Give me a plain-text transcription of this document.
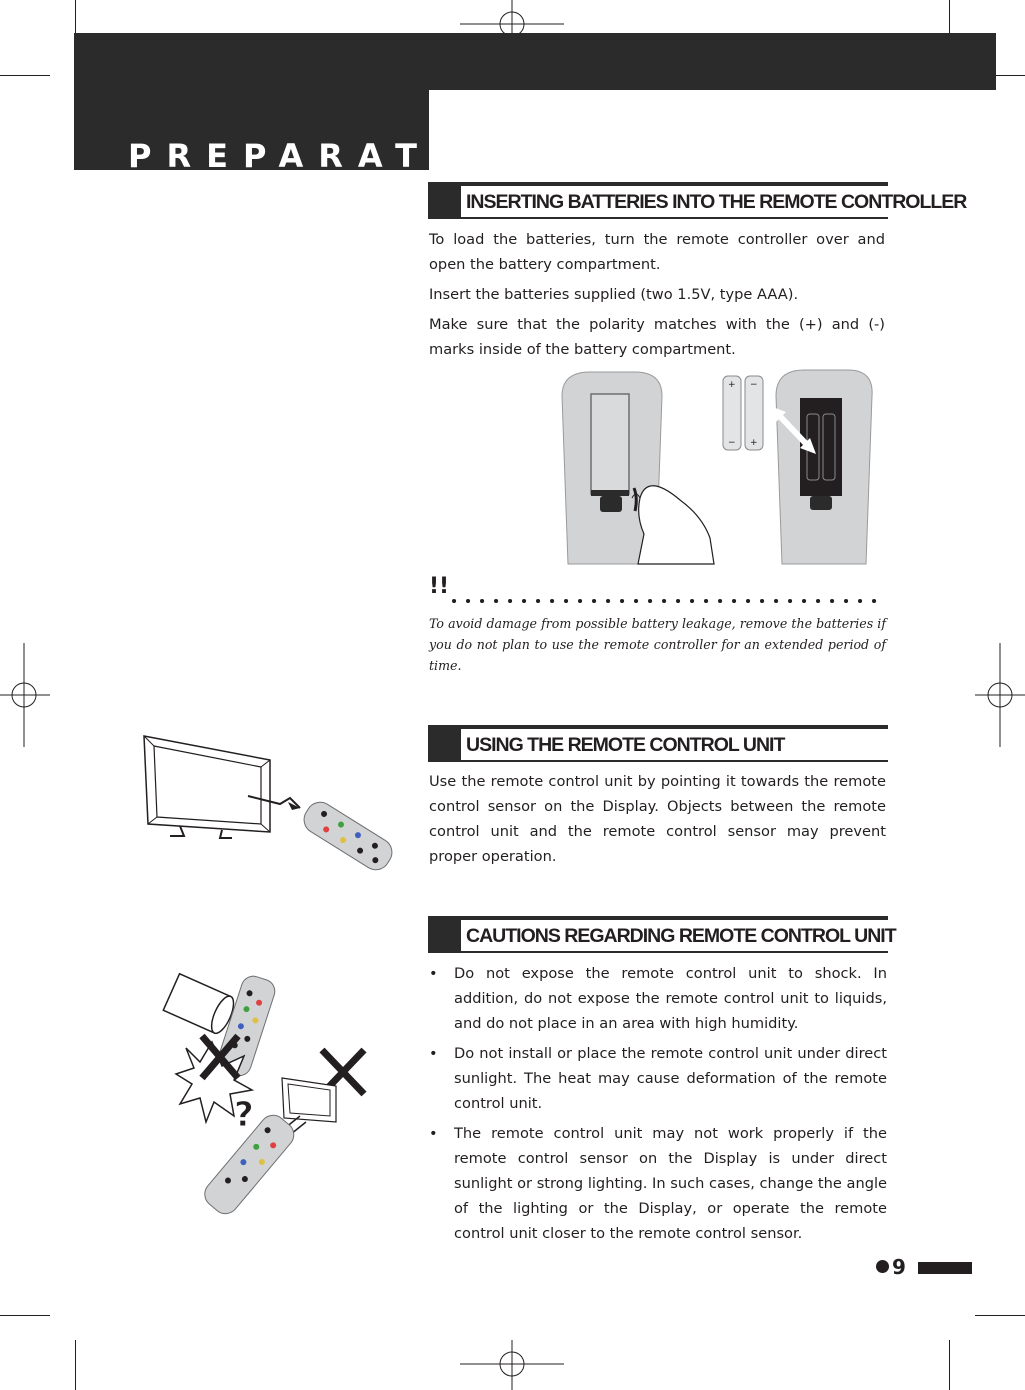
PREPARATION
INSERTING BATTERIES INTO THE REMOTE CONTROLLER

To load the batteries, turn the remote controller over and open the battery compartment.

Insert the batteries supplied (two 1.5V, type AAA).

Make sure that the polarity matches with the (+) and (-) marks inside of the battery compartment.

+ −
− +
!!

To avoid damage from possible battery leakage, remove the batteries if you do not plan to use the remote controller for an extended period of time.

USING THE REMOTE CONTROL UNIT

Use the remote control unit by pointing it towards the remote control sensor on the Display. Objects between the remote control unit and the remote control sensor may prevent proper operation.

CAUTIONS REGARDING REMOTE CONTROL UNIT
• Do not expose the remote control unit to shock. In addition, do not expose the remote control unit to liquids, and do not place in an area with high humidity.
• Do not install or place the remote control unit under direct sunlight. The heat may cause deformation of the remote control unit.
• The remote control unit may not work properly if the remote control sensor on the Display is under direct sunlight or strong lighting. In such cases, change the angle of the lighting or the Display, or operate the remote control unit closer to the remote control sensor.
?
9
